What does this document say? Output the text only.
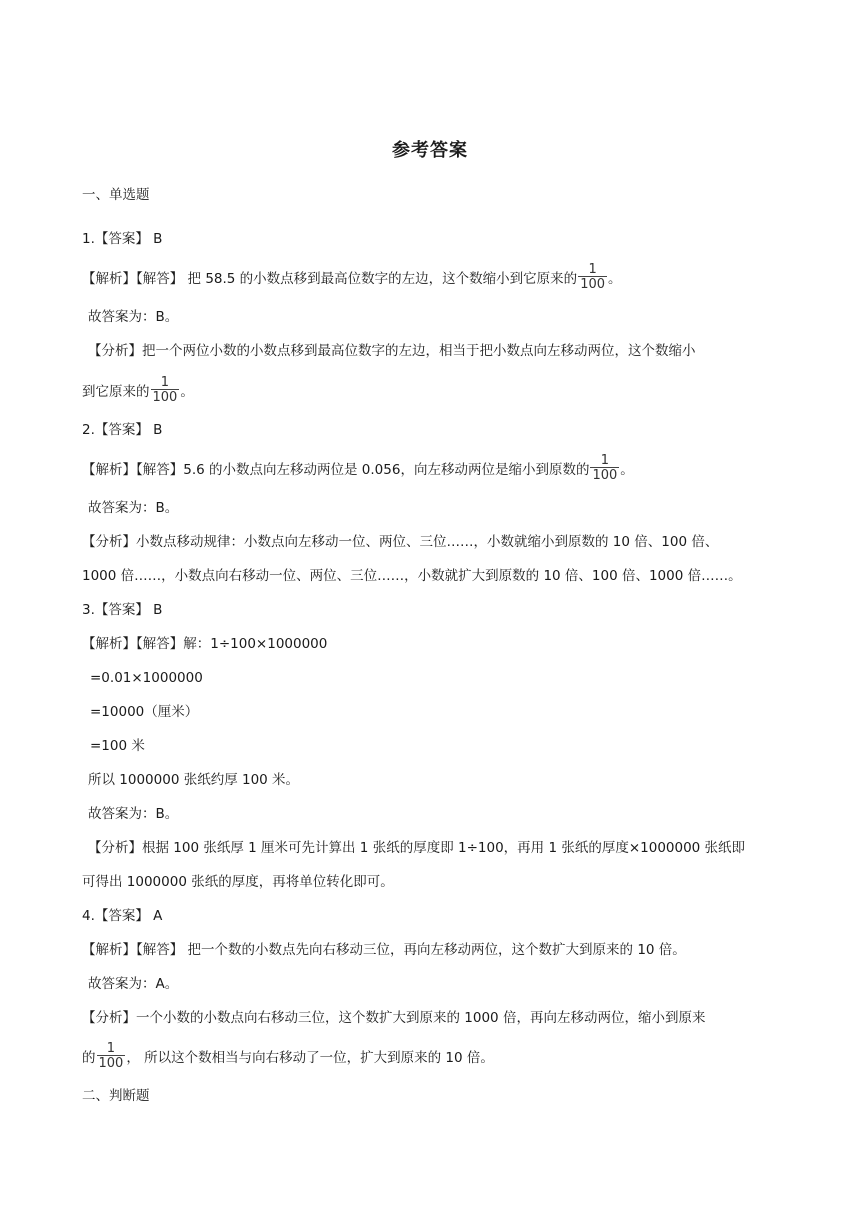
参考答案
一、单选题
1.【答案】 B
【解析】【解答】 把 58.5 的小数点移到最高位数字的左边，这个数缩小到它原来的 $\frac{1}{100}$ 。
故答案为：B。
【分析】把一个两位小数的小数点移到最高位数字的左边，相当于把小数点向左移动两位，这个数缩小
到它原来的 $\frac{1}{100}$ 。
2.【答案】 B
【解析】【解答】5.6 的小数点向左移动两位是 0.056，向左移动两位是缩小到原数的 $\frac{1}{100}$ 。
故答案为：B。
【分析】小数点移动规律：小数点向左移动一位、两位、三位……，小数就缩小到原数的 10 倍、100 倍、
1000 倍……，小数点向右移动一位、两位、三位……，小数就扩大到原数的 10 倍、100 倍、1000 倍……。
3.【答案】 B
【解析】【解答】解：1÷100×1000000
=0.01×1000000
=10000（厘米）
=100 米
所以 1000000 张纸约厚 100 米。
故答案为：B。
【分析】根据 100 张纸厚 1 厘米可先计算出 1 张纸的厚度即 1÷100，再用 1 张纸的厚度×1000000 张纸即
可得出 1000000 张纸的厚度，再将单位转化即可。
4.【答案】 A
【解析】【解答】 把一个数的小数点先向右移动三位，再向左移动两位，这个数扩大到原来的 10 倍。
故答案为：A。
【分析】一个小数的小数点向右移动三位，这个数扩大到原来的 1000 倍，再向左移动两位，缩小到原来
的 $\frac{1}{100}$ ， 所以这个数相当与向右移动了一位，扩大到原来的 10 倍。
二、判断题
